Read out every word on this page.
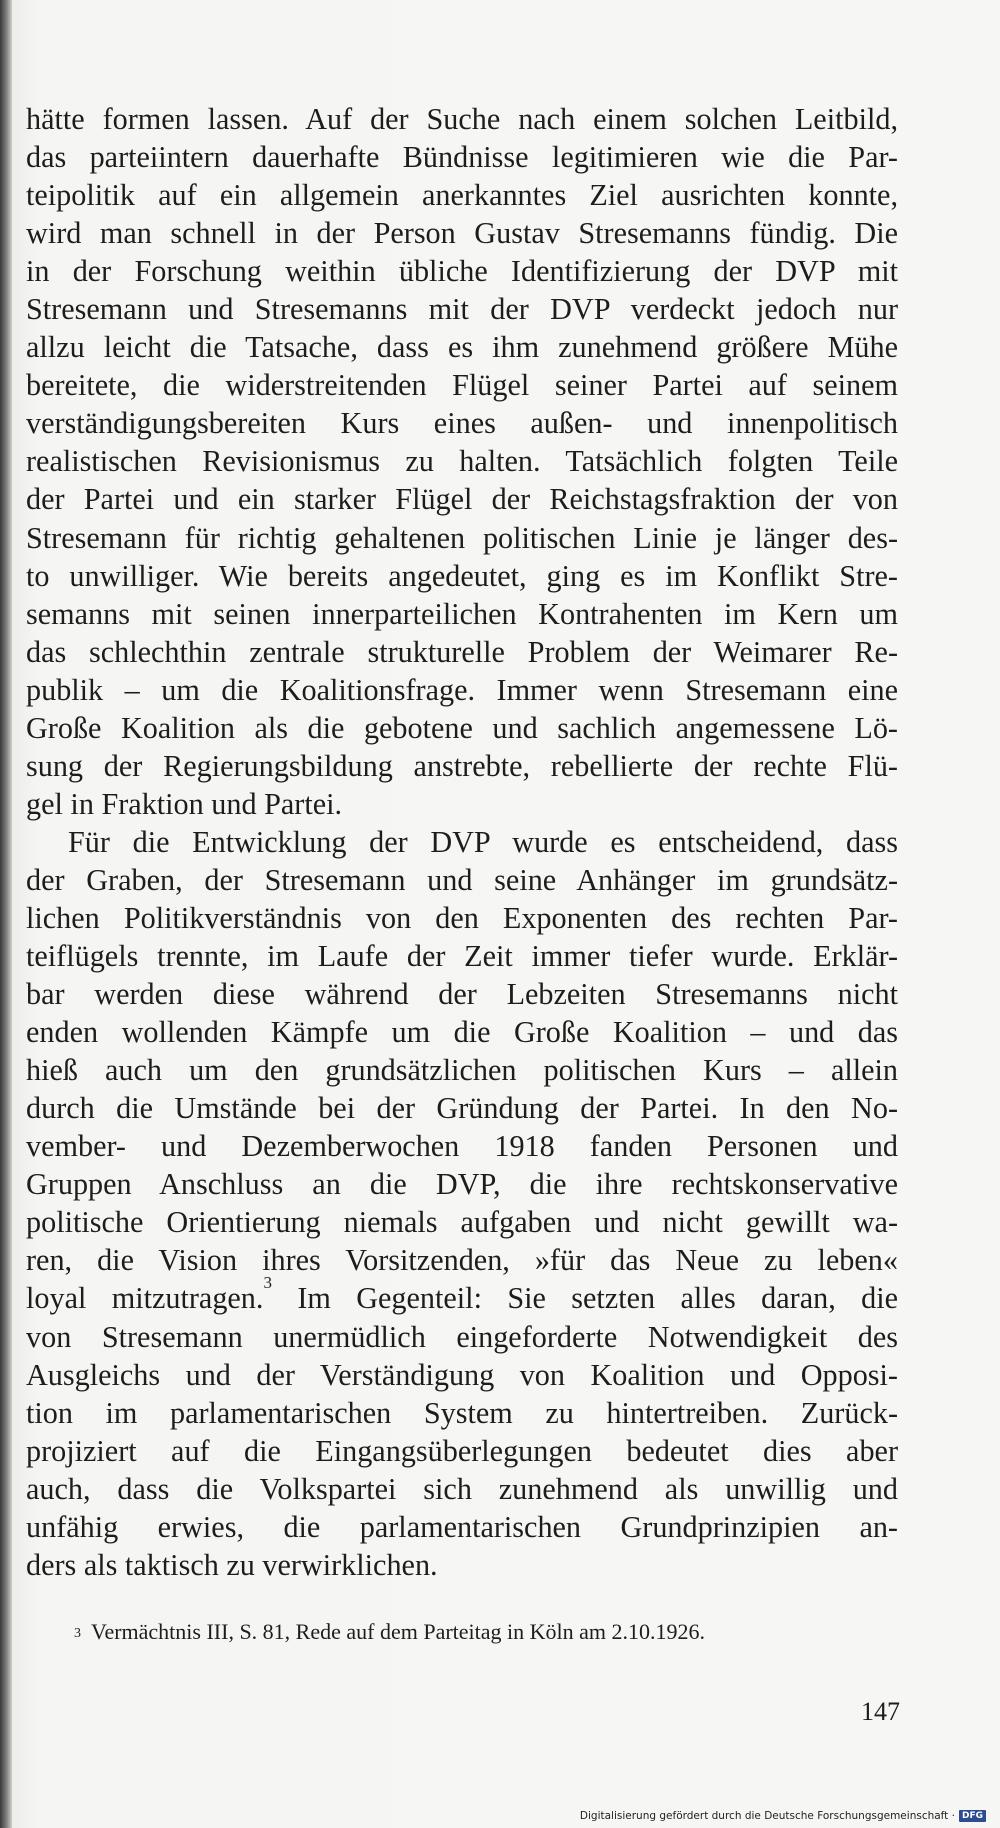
hätte formen lassen. Auf der Suche nach einem solchen Leitbild,
das parteiintern dauerhafte Bündnisse legitimieren wie die Par-
teipolitik auf ein allgemein anerkanntes Ziel ausrichten konnte,
wird man schnell in der Person Gustav Stresemanns fündig. Die
in der Forschung weithin übliche Identifizierung der DVP mit
Stresemann und Stresemanns mit der DVP verdeckt jedoch nur
allzu leicht die Tatsache, dass es ihm zunehmend größere Mühe
bereitete, die widerstreitenden Flügel seiner Partei auf seinem
verständigungsbereiten Kurs eines außen- und innenpolitisch
realistischen Revisionismus zu halten. Tatsächlich folgten Teile
der Partei und ein starker Flügel der Reichstagsfraktion der von
Stresemann für richtig gehaltenen politischen Linie je länger des-
to unwilliger. Wie bereits angedeutet, ging es im Konflikt Stre-
semanns mit seinen innerparteilichen Kontrahenten im Kern um
das schlechthin zentrale strukturelle Problem der Weimarer Re-
publik – um die Koalitionsfrage. Immer wenn Stresemann eine
Große Koalition als die gebotene und sachlich angemessene Lö-
sung der Regierungsbildung anstrebte, rebellierte der rechte Flü-
gel in Fraktion und Partei.
Für die Entwicklung der DVP wurde es entscheidend, dass
der Graben, der Stresemann und seine Anhänger im grundsätz-
lichen Politikverständnis von den Exponenten des rechten Par-
teiflügels trennte, im Laufe der Zeit immer tiefer wurde. Erklär-
bar werden diese während der Lebzeiten Stresemanns nicht
enden wollenden Kämpfe um die Große Koalition – und das
hieß auch um den grundsätzlichen politischen Kurs – allein
durch die Umstände bei der Gründung der Partei. In den No-
vember- und Dezemberwochen 1918 fanden Personen und
Gruppen Anschluss an die DVP, die ihre rechtskonservative
politische Orientierung niemals aufgaben und nicht gewillt wa-
ren, die Vision ihres Vorsitzenden, »für das Neue zu leben«
loyal mitzutragen.$^3$ Im Gegenteil: Sie setzten alles daran, die
von Stresemann unermüdlich eingeforderte Notwendigkeit des
Ausgleichs und der Verständigung von Koalition und Opposi-
tion im parlamentarischen System zu hintertreiben. Zurück-
projiziert auf die Eingangsüberlegungen bedeutet dies aber
auch, dass die Volkspartei sich zunehmend als unwillig und
unfähig erwies, die parlamentarischen Grundprinzipien an-
ders als taktisch zu verwirklichen.
$^3$ Vermächtnis III, S. 81, Rede auf dem Parteitag in Köln am 2.10.1926.
147
Digitalisierung gefördert durch die Deutsche Forschungsgemeinschaft · DFG
